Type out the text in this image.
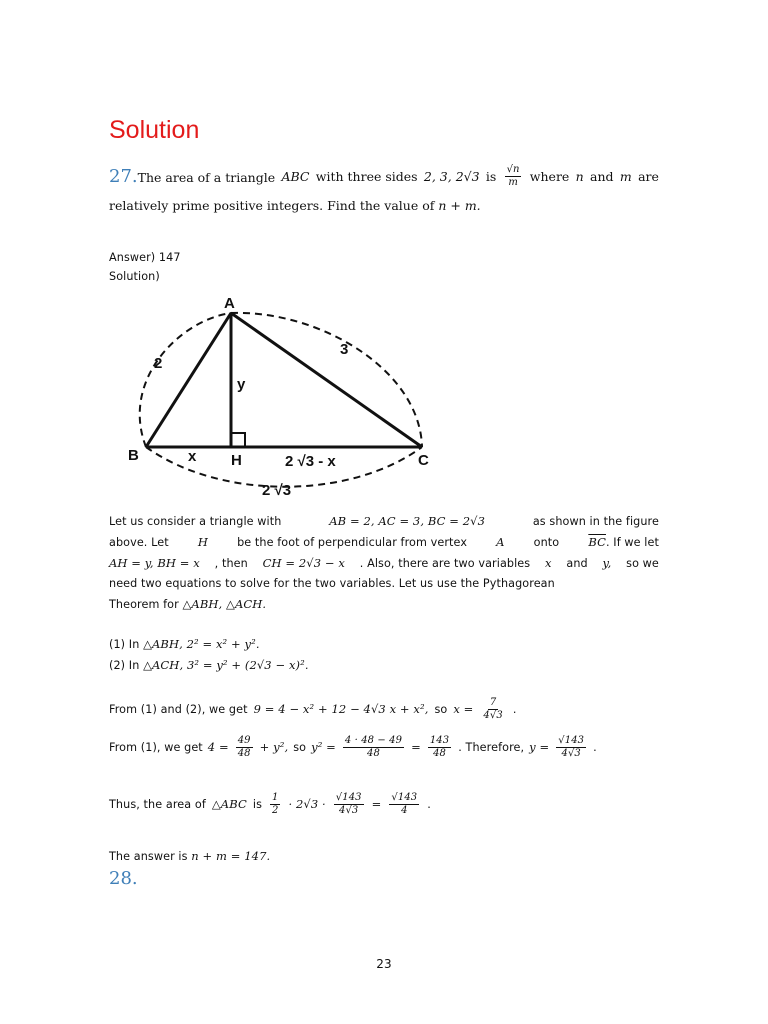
Solution
27.The area of a triangle ABC with three sides 2, 3, 2√3 is $\frac{√n}{m}$ where n and m are
relatively prime positive integers. Find the value of n + m.
Answer) 147
Solution)
A
B	C
H
2
3
y
x	2 √3 - x
2 √3
Let us consider a triangle with	AB = 2, AC = 3, BC = 2√3	as shown in the figure
above. Let	H	be the foot of perpendicular from vertex	A	onto	$\overline{BC}$. If we let
AH = y, BH = x , then CH = 2√3 − x . Also, there are two variables x and y, so we
need two equations to solve for the two variables. Let us use the Pythagorean
Theorem for △ABH, △ACH.
(1) In △ABH, 2² = x² + y².
(2) In △ACH, 3² = y² + (2√3 − x)².
From (1) and (2), we get 9 = 4 − x² + 12 − 4√3 x + x², so $x = \frac{7}{4√3}$ .
From (1), we get $4 = \frac{49}{48} + y^2$, so $y^2 = \frac{4 \cdot 48 - 49}{48} = \frac{143}{48}$ . Therefore, $y = \frac{√143}{4√3}$ .
Thus, the area of △ABC is $\frac{1}{2} \cdot 2√3 \cdot \frac{√143}{4√3} = \frac{√143}{4}$ .
The answer is n + m = 147.
28.
23
